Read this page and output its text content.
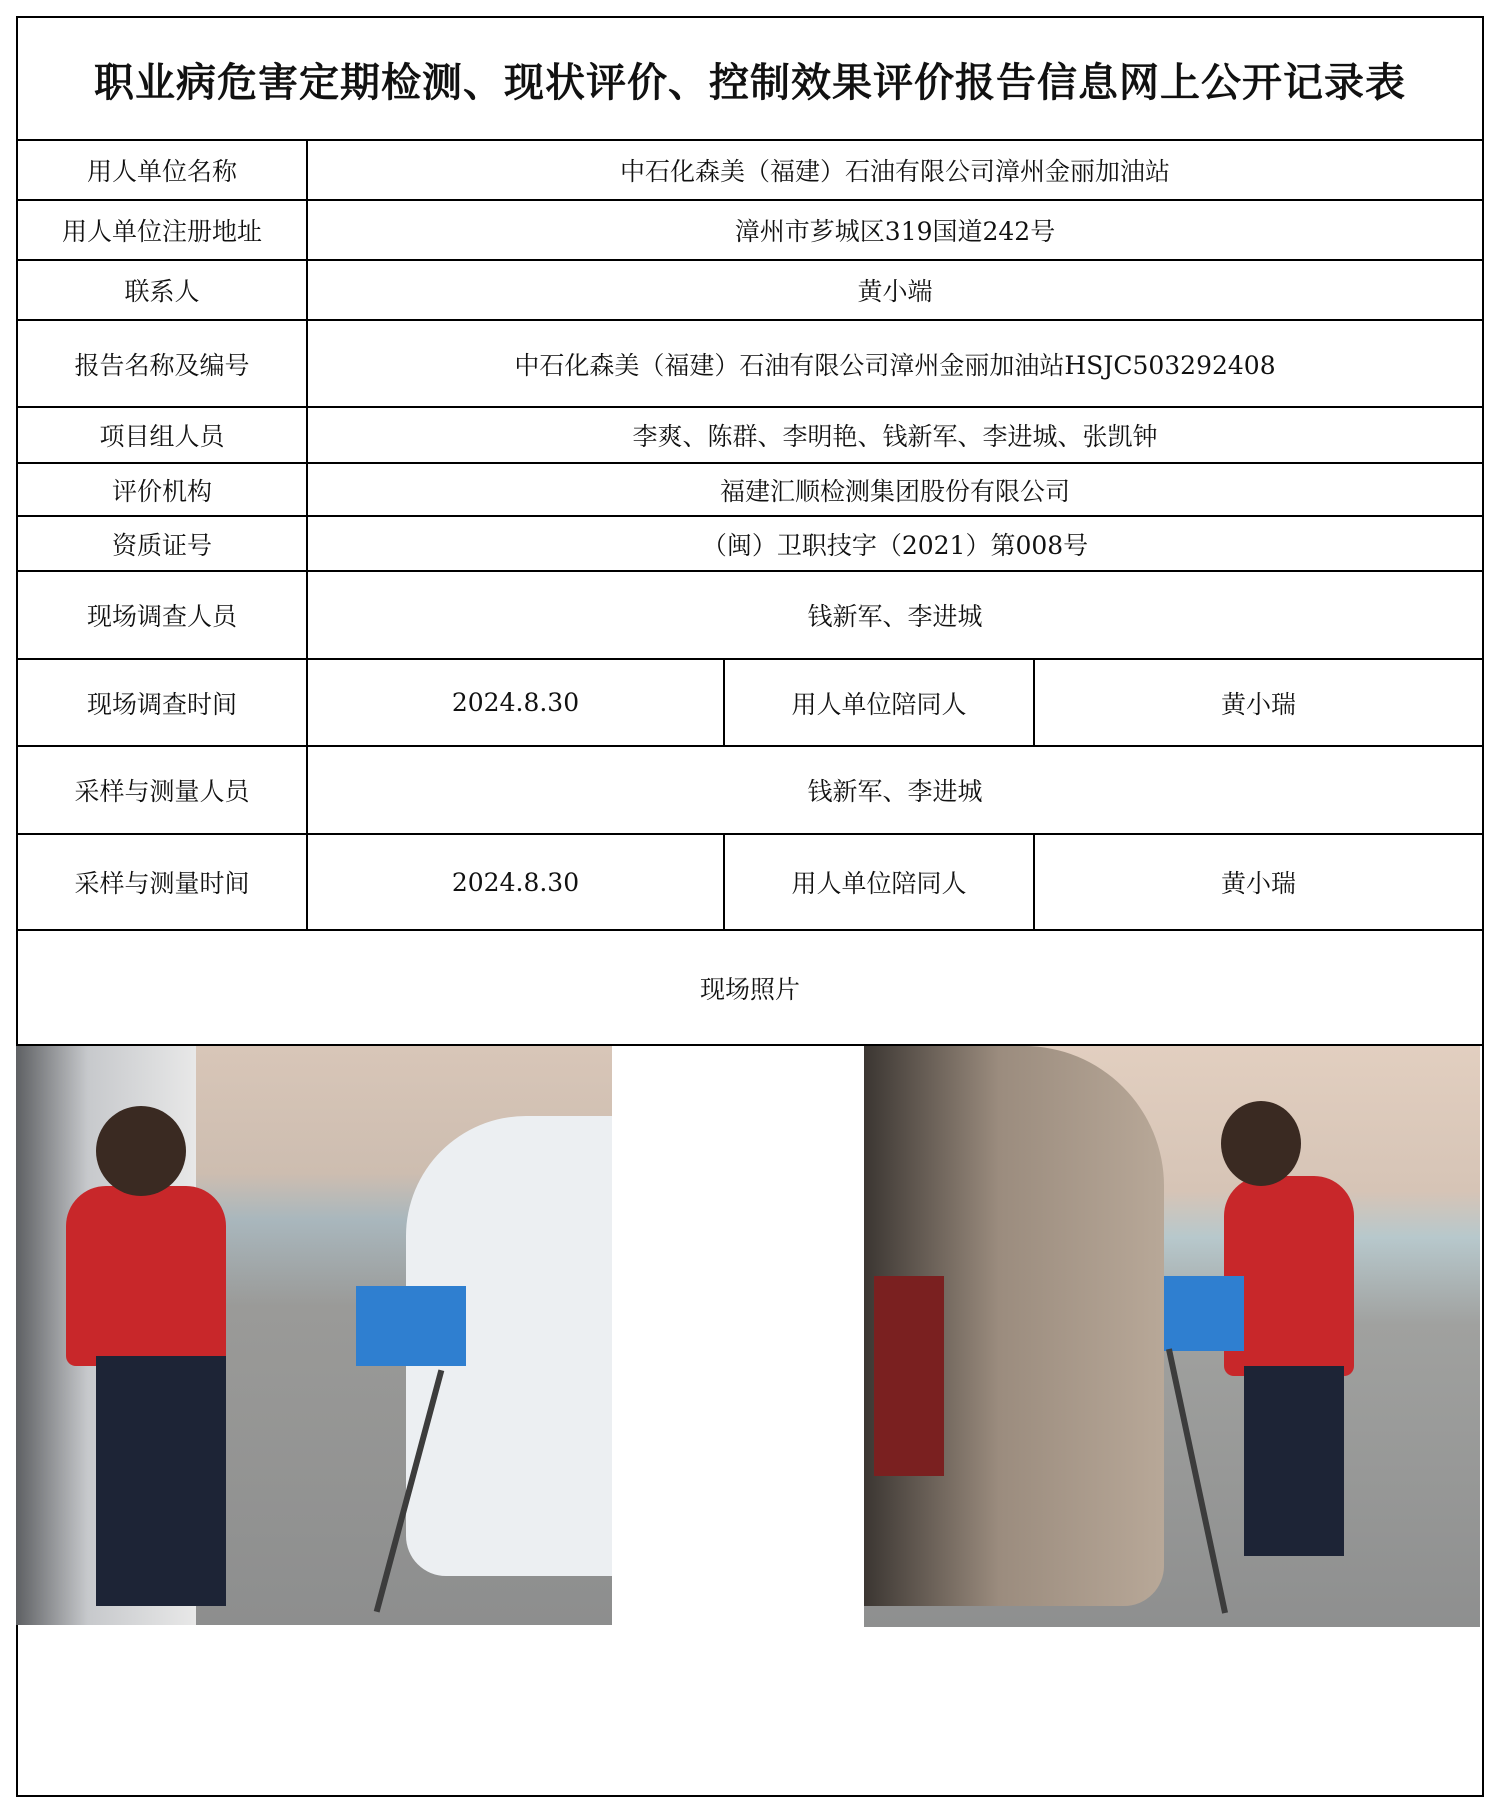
职业病危害定期检测、现状评价、控制效果评价报告信息网上公开记录表
用人单位名称	中石化森美（福建）石油有限公司漳州金丽加油站
用人单位注册地址	漳州市芗城区319国道242号
联系人	黄小端
报告名称及编号	中石化森美（福建）石油有限公司漳州金丽加油站HSJC503292408
项目组人员	李爽、陈群、李明艳、钱新军、李进城、张凯钟
评价机构	福建汇顺检测集团股份有限公司
资质证号	（闽）卫职技字（2021）第008号
现场调查人员	钱新军、李进城
现场调查时间	2024.8.30	用人单位陪同人	黄小瑞
采样与测量人员	钱新军、李进城
采样与测量时间	2024.8.30	用人单位陪同人	黄小瑞
现场照片
